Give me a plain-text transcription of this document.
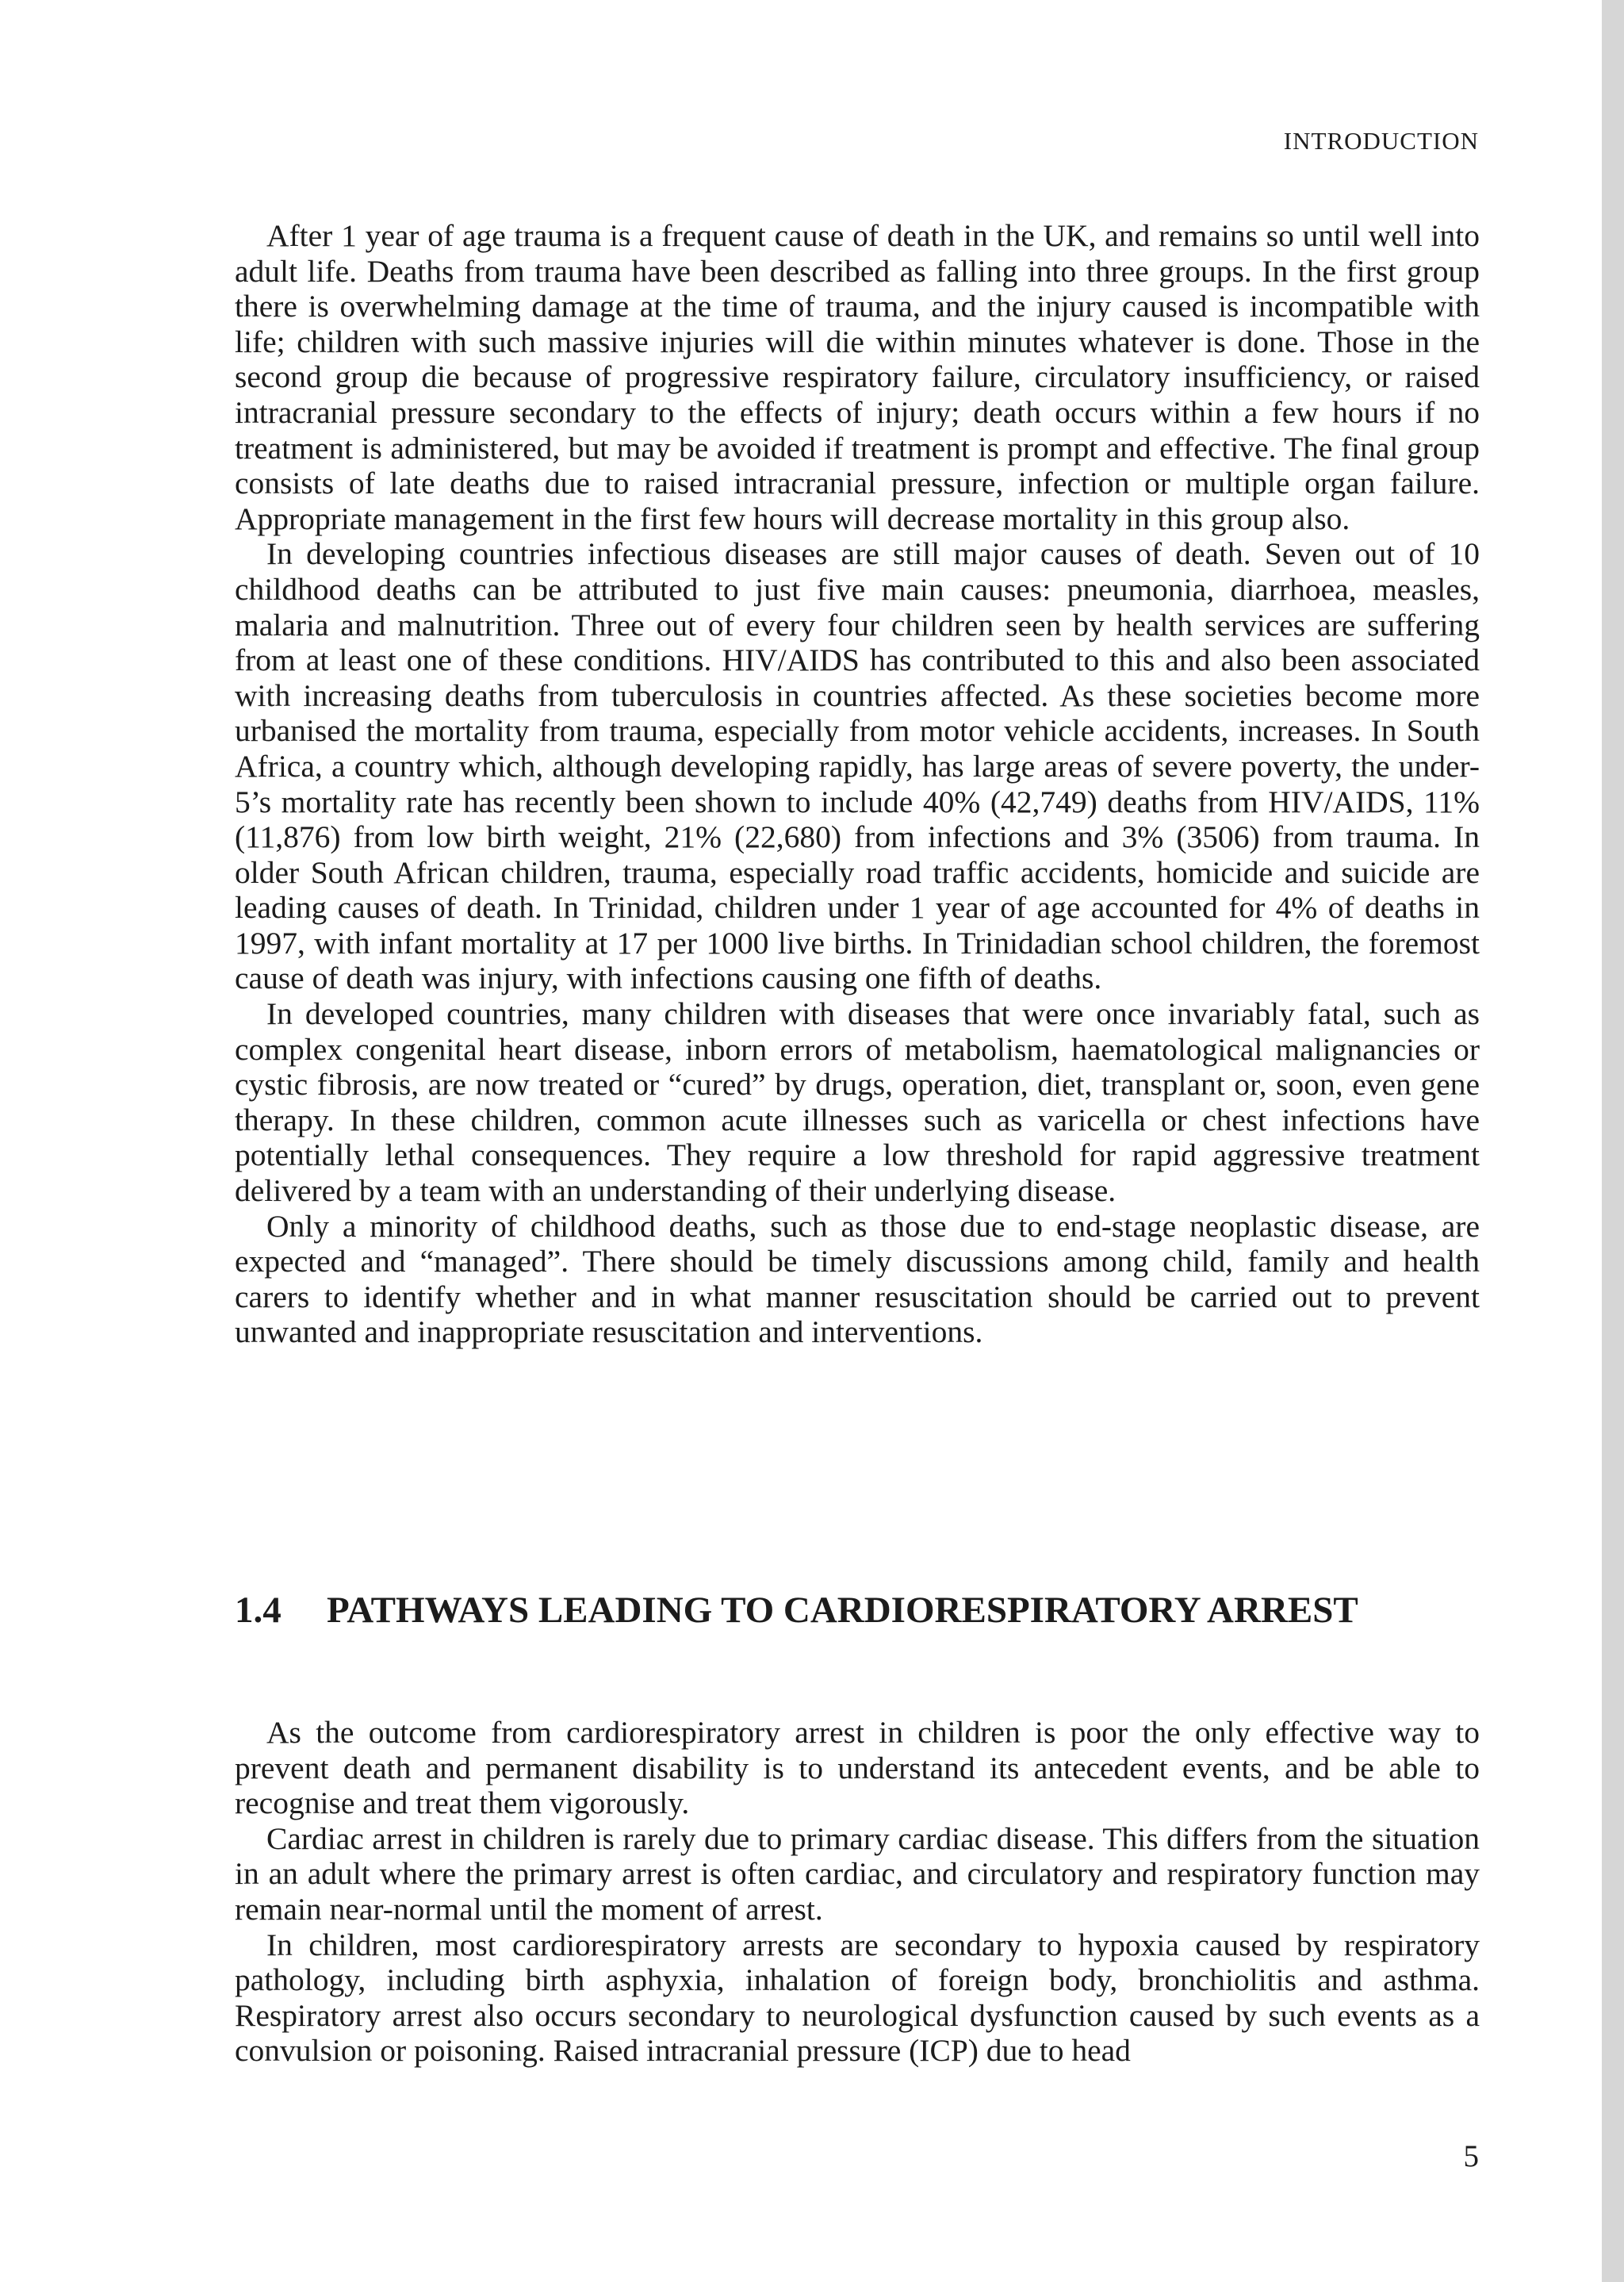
INTRODUCTION

After 1 year of age trauma is a frequent cause of death in the UK, and remains so until well into adult life. Deaths from trauma have been described as falling into three groups. In the first group there is overwhelming damage at the time of trauma, and the injury caused is incompatible with life; children with such massive injuries will die within minutes whatever is done. Those in the second group die because of progressive respiratory failure, circulatory insufficiency, or raised intracranial pressure secondary to the effects of injury; death occurs within a few hours if no treatment is administered, but may be avoided if treatment is prompt and effective. The final group consists of late deaths due to raised intracranial pressure, infection or multiple organ failure. Appropriate management in the first few hours will decrease mortality in this group also.

In developing countries infectious diseases are still major causes of death. Seven out of 10 childhood deaths can be attributed to just five main causes: pneumonia, diarrhoea, measles, malaria and malnutrition. Three out of every four children seen by health services are suffering from at least one of these conditions. HIV/AIDS has contributed to this and also been associated with increasing deaths from tuberculosis in countries affected. As these societies become more urbanised the mortality from trauma, especially from motor vehicle accidents, increases. In South Africa, a country which, although developing rapidly, has large areas of severe poverty, the under-5’s mortality rate has recently been shown to include 40% (42,749) deaths from HIV/AIDS, 11% (11,876) from low birth weight, 21% (22,680) from infections and 3% (3506) from trauma. In older South African children, trauma, especially road traffic accidents, homicide and suicide are leading causes of death. In Trinidad, children under 1 year of age accounted for 4% of deaths in 1997, with infant mortality at 17 per 1000 live births. In Trinidadian school children, the foremost cause of death was injury, with infections causing one fifth of deaths.

In developed countries, many children with diseases that were once invariably fatal, such as complex congenital heart disease, inborn errors of metabolism, haematological malignancies or cystic fibrosis, are now treated or “cured” by drugs, operation, diet, transplant or, soon, even gene therapy. In these children, common acute illnesses such as varicella or chest infections have potentially lethal consequences. They require a low threshold for rapid aggressive treatment delivered by a team with an understanding of their underlying disease.

Only a minority of childhood deaths, such as those due to end-stage neoplastic disease, are expected and “managed”. There should be timely discussions among child, family and health carers to identify whether and in what manner resuscitation should be carried out to prevent unwanted and inappropriate resuscitation and interventions.

1.4	PATHWAYS LEADING TO CARDIORESPIRATORY ARREST

As the outcome from cardiorespiratory arrest in children is poor the only effective way to prevent death and permanent disability is to understand its antecedent events, and be able to recognise and treat them vigorously.

Cardiac arrest in children is rarely due to primary cardiac disease. This differs from the situation in an adult where the primary arrest is often cardiac, and circulatory and respiratory function may remain near-normal until the moment of arrest.

In children, most cardiorespiratory arrests are secondary to hypoxia caused by respiratory pathology, including birth asphyxia, inhalation of foreign body, bronchiolitis and asthma. Respiratory arrest also occurs secondary to neurological dysfunction caused by such events as a convulsion or poisoning. Raised intracranial pressure (ICP) due to head

5
